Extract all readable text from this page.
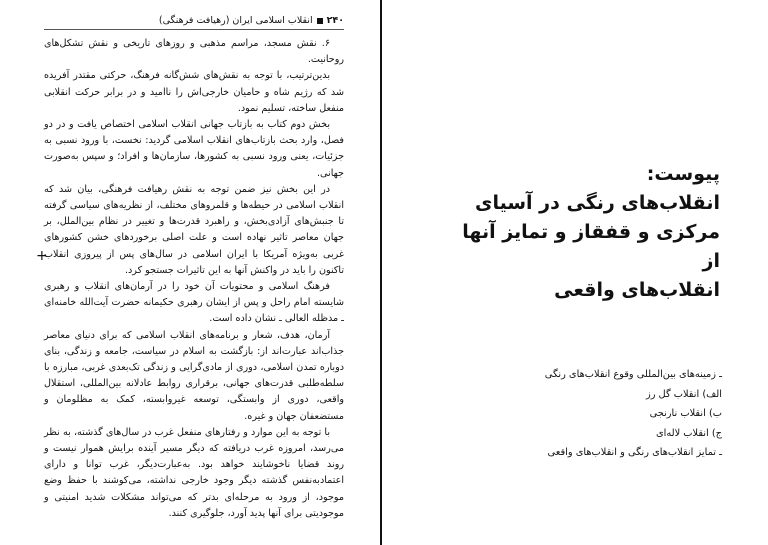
۲۴۰
انقلاب اسلامی ایران (رهیافت فرهنگی)
+

۶. نقش مسجد، مراسم مذهبی و روزهای تاریخی و نقش تشکل‌های روحانیت.

بدین‌ترتیب، با توجه به نقش‌های شش‌گانه فرهنگ، حرکتی مقتدر آفریده شد که رژیم شاه و حامیان خارجی‌اش را ناامید و در برابر حرکت انقلابی منفعل ساخته، تسلیم نمود.

بخش دوم کتاب به بازتاب جهانی انقلاب اسلامی اختصاص یافت و در دو فصل، وارد بحث بازتاب‌های انقلاب اسلامی گردید: نخست، با ورود نسبی به جزئیات، یعنی ورود نسبی به کشورها، سازمان‌ها و افراد؛ و سپس به‌صورت جهانی.

در این بخش نیز ضمن توجه به نقش رهیافت فرهنگی، بیان شد که انقلاب اسلامی در حیطه‌ها و قلمروهای مختلف، از نظریه‌های سیاسی گرفته تا جنبش‌های آزادی‌بخش، و راهبرد قدرت‌ها و تغییر در نظام بین‌الملل، بر جهان معاصر تاثیر نهاده است و علت اصلی برخوردهای خشن کشورهای غربی به‌ویژه آمریکا با ایران اسلامی در سال‌های پس از پیروزی انقلاب تاکنون را باید در واکنش آنها به این تاثیرات جستجو کرد.

فرهنگ اسلامی و محتویات آن خود را در آرمان‌های انقلاب و رهبری شایسته امام راحل و پس از ایشان رهبری حکیمانه حضرت آیت‌الله خامنه‌ای ـ مدظله العالی ـ نشان داده است.

آرمان، هدف، شعار و برنامه‌های انقلاب اسلامی که برای دنیای معاصر جذاب‌اند عبارت‌اند از: بازگشت به اسلام در سیاست، جامعه و زندگی، بنای دوباره تمدن اسلامی، دوری از مادی‌گرایی و زندگی تک‌بعدی غربی، مبارزه با سلطه‌طلبی قدرت‌های جهانی، برقراری روابط عادلانه بین‌المللی، استقلال واقعی، دوری از وابستگی، توسعه غیروابسته، کمک به مظلومان و مستضعفان جهان و غیره.

با توجه به این موارد و رفتارهای منفعل غرب در سال‌های گذشته، به نظر می‌رسد، امروزه غرب دریافته که دیگر مسیر آینده برایش هموار نیست و روند قضایا ناخوشایند خواهد بود. به‌عبارت‌دیگر، غرب توانا و دارای اعتمادبه‌نفس گذشته دیگر وجود خارجی نداشته، می‌کوشند با حفظ وضع موجود، از ورود به مرحله‌ای بدتر که می‌تواند مشکلات شدید امنیتی و موجودیتی برای آنها پدید آورد، جلوگیری کنند.

پیوست:
انقلاب‌های رنگی در آسیای
مرکزی و قفقاز و تمایز آنها از
انقلاب‌های واقعی
ـ زمینه‌های بین‌المللی وقوع انقلاب‌های رنگی
الف) انقلاب گل رز
ب) انقلاب نارنجی
ج) انقلاب لاله‌ای
ـ تمایز انقلاب‌های رنگی و انقلاب‌های واقعی
